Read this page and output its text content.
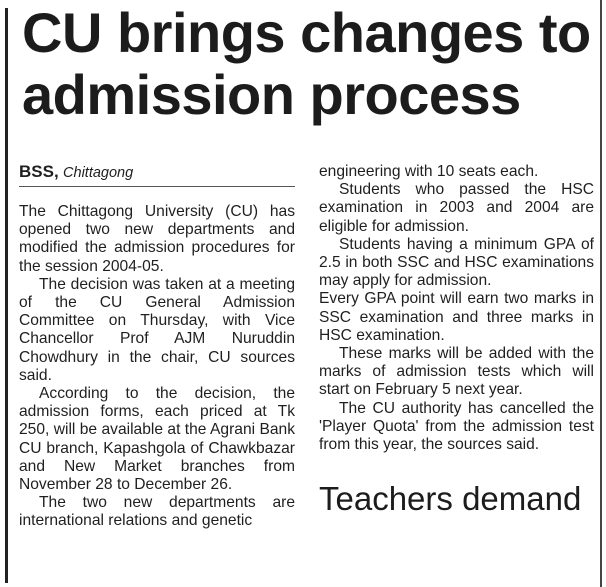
CU brings changes to admission process
BSS, Chittagong

The Chittagong University (CU) has opened two new departments and modified the admission procedures for the session 2004-05.

The decision was taken at a meeting of the CU General Admission Committee on Thursday, with Vice Chancellor Prof AJM Nuruddin Chowdhury in the chair, CU sources said.

According to the decision, the admission forms, each priced at Tk 250, will be available at the Agrani Bank CU branch, Kapashgola of Chawkbazar and New Market branches from November 28 to December 26.

The two new departments are international relations and genetic

engineering with 10 seats each.

Students who passed the HSC examination in 2003 and 2004 are eligible for admission.

Students having a minimum GPA of 2.5 in both SSC and HSC examinations may apply for admission.

Every GPA point will earn two marks in SSC examination and three marks in HSC examination.

These marks will be added with the marks of admission tests which will start on February 5 next year.

The CU authority has cancelled the 'Player Quota' from the admission test from this year, the sources said.

Teachers demand
